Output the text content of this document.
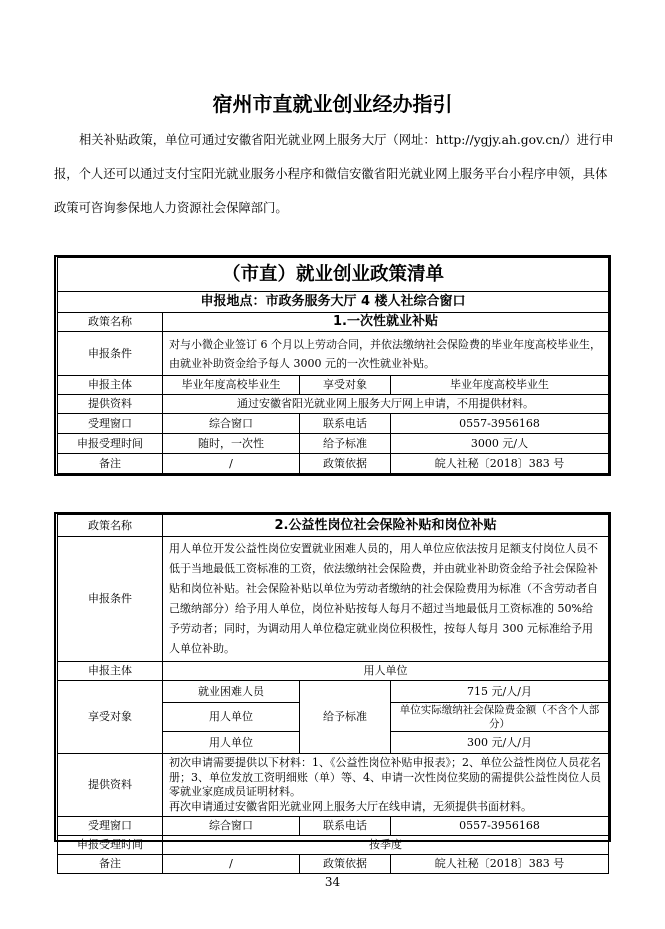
宿州市直就业创业经办指引

相关补贴政策，单位可通过安徽省阳光就业网上服务大厅（网址：http://ygjy.ah.gov.cn/）进行申报，个人还可以通过支付宝阳光就业服务小程序和微信安徽省阳光就业网上服务平台小程序申领，具体政策可咨询参保地人力资源社会保障部门。

（市直）就业创业政策清单			
申报地点：市政务服务大厅 4 楼人社综合窗口			
政策名称	1.一次性就业补贴		
申报条件	对与小微企业签订 6 个月以上劳动合同，并依法缴纳社会保险费的毕业年度高校毕业生，由就业补助资金给予每人 3000 元的一次性就业补贴。		
申报主体	毕业年度高校毕业生	享受对象	毕业年度高校毕业生
提供资料	通过安徽省阳光就业网上服务大厅网上申请，不用提供材料。		
受理窗口	综合窗口	联系电话	0557-3956168
申报受理时间	随时，一次性	给予标准	3000 元/人
备注	/	政策依据	皖人社秘〔2018〕383 号
政策名称	2.公益性岗位社会保险补贴和岗位补贴		
申报条件	用人单位开发公益性岗位安置就业困难人员的，用人单位应依法按月足额支付岗位人员不低于当地最低工资标准的工资，依法缴纳社会保险费，并由就业补助资金给予社会保险补贴和岗位补贴。社会保险补贴以单位为劳动者缴纳的社会保险费用为标准（不含劳动者自己缴纳部分）给予用人单位，岗位补贴按每人每月不超过当地最低月工资标准的 50%给予劳动者；同时，为调动用人单位稳定就业岗位积极性，按每人每月 300 元标准给予用人单位补助。		
申报主体	用人单位		
享受对象	就业困难人员	给予标准	715 元/人/月
	用人单位		单位实际缴纳社会保险费金额（不含个人部分）
	用人单位		300 元/人/月
提供资料	初次申请需要提供以下材料：1、《公益性岗位补贴申报表》；2、单位公益性岗位人员花名册；3、单位发放工资明细账（单）等、4、申请一次性岗位奖励的需提供公益性岗位人员零就业家庭成员证明材料。
再次申请通过安徽省阳光就业网上服务大厅在线申请，无须提供书面材料。		

受理窗口	综合窗口	联系电话	0557-3956168
申报受理时间	按季度		
备注	/	政策依据	皖人社秘〔2018〕383 号
34
